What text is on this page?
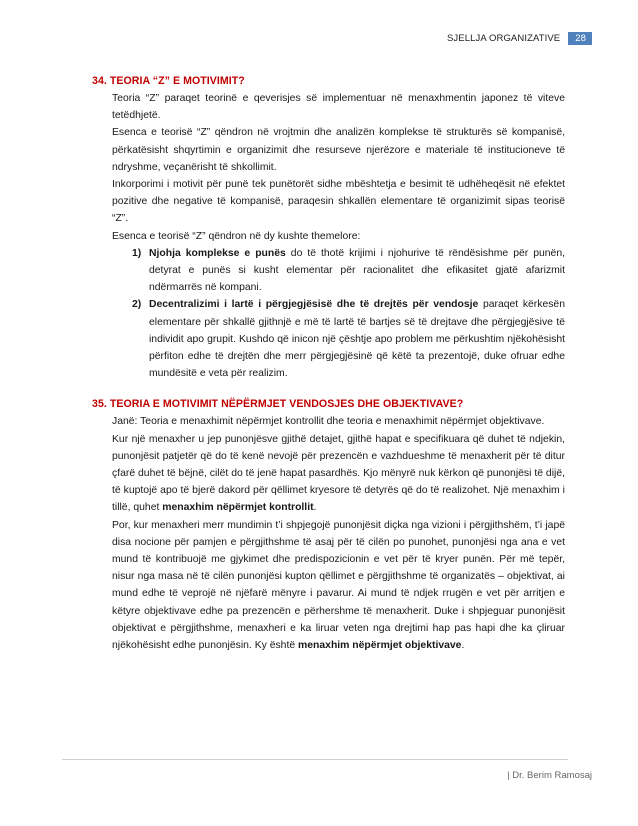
SJELLJA ORGANIZATIVE	28
34. TEORIA “Z” E MOTIVIMIT?

Teoria “Z” paraqet teorinë e qeverisjes së implementuar në menaxhmentin japonez të viteve tetëdhjetë.

Esenca e teorisë “Z” qëndron në vrojtmin dhe analizën komplekse të strukturës së kompanisë, përkatësisht shqyrtimin e organizimit dhe resurseve njerëzore e materiale të institucioneve të ndryshme, veçanërisht të shkollimit.

Inkorporimi i motivit për punë tek punëtorët sidhe mbështetja e besimit të udhëheqësit në efektet pozitive dhe negative të kompanisë, paraqesin shkallën elementare të organizimit sipas teorisë “Z”.

Esenca e teorisë “Z” qëndron në dy kushte themelore:

1) Njohja komplekse e punës do të thotë krijimi i njohurive të rëndësishme për punën, detyrat e punës si kusht elementar për racionalitet dhe efikasitet gjatë afarizmit ndërmarrës në kompani.
2) Decentralizimi i lartë i përgjegjësisë dhe të drejtës për vendosje paraqet kërkesën elementare për shkallë gjithnjë e më të lartë të bartjes së të drejtave dhe përgjegjësive të individit apo grupit. Kushdo që inicon një çështje apo problem me përkushtim njëkohësisht përfiton edhe të drejtën dhe merr përgjegjësinë që këtë ta prezentojë, duke ofruar edhe mundësitë e veta për realizim.
35. TEORIA E MOTIVIMIT NËPËRMJET VENDOSJES DHE OBJEKTIVAVE?

Janë: Teoria e menaxhimit nëpërmjet kontrollit dhe teoria e menaxhimit nëpërmjet objektivave.

Kur një menaxher u jep punonjësve gjithë detajet, gjithë hapat e specifikuara që duhet të ndjekin, punonjësit patjetër që do të kenë nevojë për prezencën e vazhdueshme të menaxherit për të ditur çfarë duhet të bëjnë, cilët do të jenë hapat pasardhës. Kjo mënyrë nuk kërkon që punonjësi të dijë, të kuptojë apo të bjerë dakord për qëllimet kryesore të detyrës që do të realizohet. Një menaxhim i tillë, quhet menaxhim nëpërmjet kontrollit.

Por, kur menaxheri merr mundimin t’i shpjegojë punonjësit diçka nga vizioni i përgjithshëm, t’i japë disa nocione për pamjen e përgjithshme të asaj për të cilën po punohet, punonjësi nga ana e vet mund të kontribuojë me gjykimet dhe predispozicionin e vet për të kryer punën. Për më tepër, nisur nga masa në të cilën punonjësi kupton qëllimet e përgjithshme të organizatës – objektivat, ai mund edhe të veprojë në njëfarë mënyre i pavarur. Ai mund të ndjek rrugën e vet për arritjen e këtyre objektivave edhe pa prezencën e përhershme të menaxherit. Duke i shpjeguar punonjësit objektivat e përgjithshme, menaxheri e ka liruar veten nga drejtimi hap pas hapi dhe ka çliruar njëkohësisht edhe punonjësin. Ky është menaxhim nëpërmjet objektivave.

| Dr. Berim Ramosaj
